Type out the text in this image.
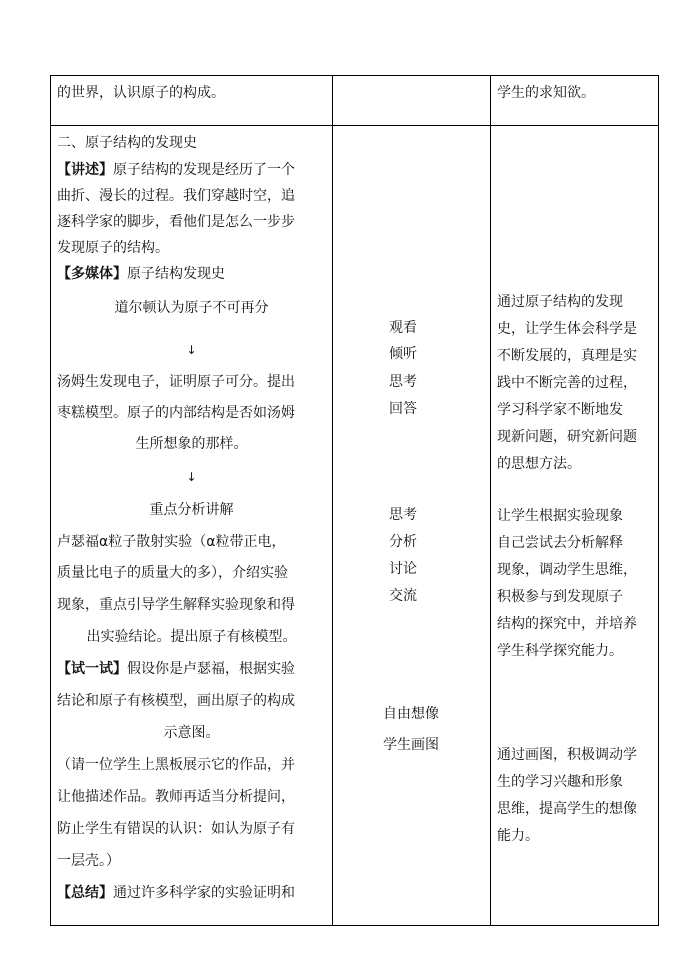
的世界，认识原子的构成。	学生的求知欲。
二、原子结构的发现史
【讲述】原子结构的发现是经历了一个
曲折、漫长的过程。我们穿越时空，追
逐科学家的脚步，看他们是怎么一步步
发现原子的结构。
【多媒体】原子结构发现史
道尔顿认为原子不可再分
↓
汤姆生发现电子，证明原子可分。提出
枣糕模型。原子的内部结构是否如汤姆
生所想象的那样。
↓
重点分析讲解
卢瑟福α粒子散射实验（α粒带正电，
质量比电子的质量大的多），介绍实验
现象，重点引导学生解释实验现象和得
出实验结论。提出原子有核模型。
【试一试】假设你是卢瑟福，根据实验
结论和原子有核模型，画出原子的构成
示意图。
（请一位学生上黑板展示它的作品，并
让他描述作品。教师再适当分析提问，
防止学生有错误的认识：如认为原子有
一层壳。）
【总结】通过许多科学家的实验证明和
观看
倾听
思考
回答
思考
分析
讨论
交流
自由想像
学生画图
通过原子结构的发现
史，让学生体会科学是
不断发展的，真理是实
践中不断完善的过程，
学习科学家不断地发
现新问题，研究新问题
的思想方法。
让学生根据实验现象
自己尝试去分析解释
现象，调动学生思维，
积极参与到发现原子
结构的探究中，并培养
学生科学探究能力。
通过画图，积极调动学
生的学习兴趣和形象
思维，提高学生的想像
能力。
